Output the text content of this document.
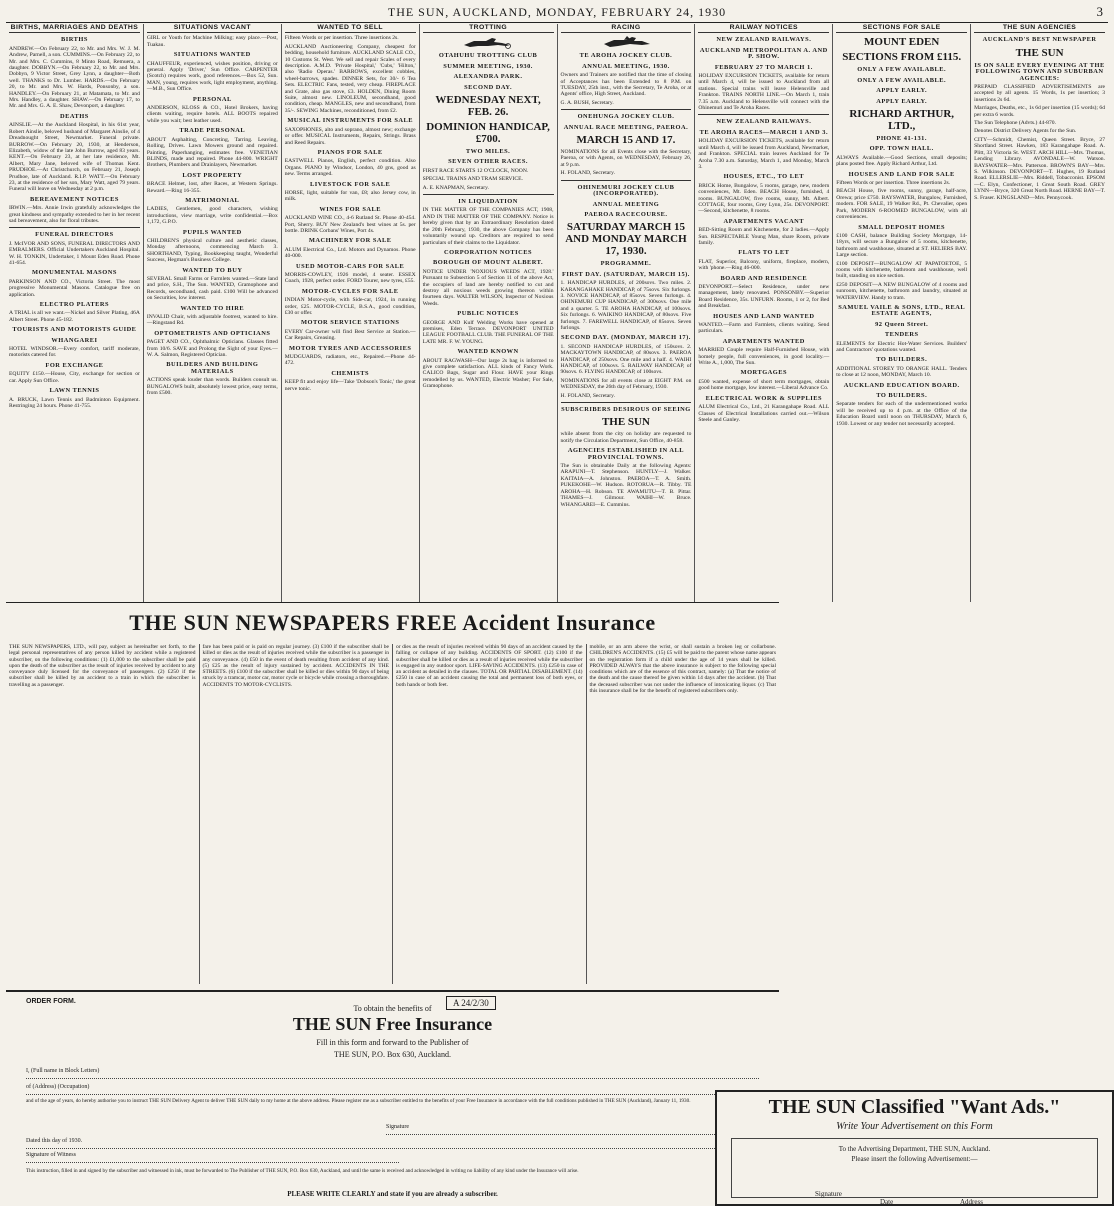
THE SUN, AUCKLAND, MONDAY, FEBRUARY 24, 1930	3
BIRTHS, MARRIAGES AND DEATHS
BIRTHS

ANDREW.—On February 22, to Mr. and Mrs. W. J. M. Andrew, Parnell, a son. CUMMINS.—On February 22, to Mr. and Mrs. C. Cummins, 8 Minto Road, Remuera, a daughter. DOBBYN.—On February 22, to Mr. and Mrs. Dobbyn, 9 Victor Street, Grey Lynn, a daughter—Both well. THANKS to Dr. Lumber. HARDS.—On February 20, to Mr. and Mrs. W. Hards, Ponsonby, a son. HANDLEY.—On February 21, at Matamata, to Mr. and Mrs. Handley, a daughter. SHAW.—On February 17, to Mr. and Mrs. G. A. E. Shaw, Devonport, a daughter.

DEATHS

AINSLIE.—At the Auckland Hospital, in his 61st year, Robert Ainslie, beloved husband of Margaret Ainslie, of 4 Dreadnought Street, Newmarket. Funeral private. BURROW.—On February 20, 1930, at Henderson, Elizabeth, widow of the late John Burrow, aged 83 years. KENT.—On February 23, at her late residence, Mt. Albert, Mary Jane, beloved wife of Thomas Kent. PRUDHOE.—At Christchurch, on February 21, Joseph Prudhoe, late of Auckland. R.I.P. WATT.—On February 23, at the residence of her son, Mary Watt, aged 79 years. Funeral will leave on Wednesday at 2 p.m.

BEREAVEMENT NOTICES

IRWIN.—Mrs. Annie Irwin gratefully acknowledges the great kindness and sympathy extended to her in her recent sad bereavement, also for floral tributes.

FUNERAL DIRECTORS

J. McIVOR AND SONS, FUNERAL DIRECTORS AND EMBALMERS. Official Undertakers Auckland Hospital. W. H. TONKIN, Undertaker, 1 Mount Eden Road. Phone 41-654.

MONUMENTAL MASONS

PARKINSON AND CO., Victoria Street. The most progressive Monumental Masons. Catalogue free on application.

ELECTRO PLATERS

A TRIAL is all we want.—Nickel and Silver Plating, 46A Albert Street. Phone 45-182.

TOURISTS AND MOTORISTS GUIDE
WHANGAREI

HOTEL WINDSOR.—Every comfort, tariff moderate, motorists catered for.

FOR EXCHANGE

EQUITY £150.—House, City, exchange for section or car. Apply Sun Office.

LAWN TENNIS

A. BRUCK, Lawn Tennis and Badminton Equipment. Restringing 24 hours. Phone 41-755.

SITUATIONS VACANT

GIRL or Youth for Machine Milking; easy place.—Post, Tuakau.

SITUATIONS WANTED

CHAUFFEUR, experienced, wishes position, driving or general. Apply 'Driver,' Sun Office. CARPENTER (Scotch) requires work, good references.—Box 52, Sun. MAN, young, requires work, light employment, anything.—M.B., Sun Office.

PERSONAL

ANDERSON, KLOSS & CO., Hotel Brokers, having clients waiting, require hotels. ALL BOOTS repaired while you wait; best leather used.

TRADE PERSONAL

ABOUT Asphalting, Concreting, Tarring. Leaving, Rolling, Drives. Lawn Mowers ground and repaired. Painting, Paperhanging, estimates free. VENETIAN BLINDS, made and repaired. Phone 44-800. WRIGHT Brothers, Plumbers and Drainlayers, Newmarket.

LOST PROPERTY

BRACE Helmet, lost, after Races, at Western Springs. Reward.—Ring 16-355.

MATRIMONIAL

LADIES, Gentlemen, good characters, wishing introductions, view marriage, write confidential.—Box 1,172, G.P.O.

PUPILS WANTED

CHILDREN'S physical culture and aesthetic classes, Monday afternoons, commencing March 3. SHORTHAND, Typing, Bookkeeping taught, Wonderful Success, Hegman's Business College.

WANTED TO BUY

SEVERAL Small Farms or Farmlets wanted.—State land and price, S.H., The Sun. WANTED, Gramophone and Records, secondhand, cash paid. £100 Will be advanced on Securities, low interest.

WANTED TO HIRE

INVALID Chair, with adjustable footrest, wanted to hire.—Ringstand Rd.

OPTOMETRISTS AND OPTICIANS

PAGET AND CO., Ophthalmic Opticians. Glasses fitted from 10/6. SAVE and Prolong the Sight of your Eyes.—W. A. Salmon, Registered Optician.

BUILDERS AND BUILDING MATERIALS

ACTIONS speak louder than words. Builders consult us. BUNGALOWS built, absolutely lowest price, easy terms, from £500.

WANTED TO SELL

Fifteen Words or per insertion. Three insertions 2s.

AUCKLAND Auctioneering Company, cheapest for bedding, household furniture. AUCKLAND SCALE CO., 10 Customs St. West. We sell and repair Scales of every description. A.M.D. 'Private Hospital,' 'Cubs,' 'Hilton,' also 'Radio Operas.' BARROWS, excellent cobbles, wheel-barrows, spades. DINNER Sets, for 30/- 6 Tea Sets. ELECTRIC Fans, tested, very cheap. FIREPLACE and Grate, also gas stove, £3. HOLDEN, Dining Room Suite, almost new. LINOLEUM, secondhand, good condition, cheap. MANGLES, new and secondhand, from 35/-. SEWING Machines, reconditioned, from £2.

MUSICAL INSTRUMENTS FOR SALE

SAXOPHONES, alto and soprano, almost new; exchange or offer. MUSICAL Instruments, Repairs, Strings. Brass and Reed Repairs.

PIANOS FOR SALE

EASTWELL Pianos, English, perfect condition. Also Organs. PIANO by Windsor, London, 40 gns, good as new. Terms arranged.

LIVESTOCK FOR SALE

HORSE, light, suitable for van, £8; also Jersey cow, in milk.

WINES FOR SALE

AUCKLAND WINE CO., 4-6 Rutland St. Phone 40-454. Port, Sherry. BUY New Zealand's best wines at 5s. per bottle. DRINK Corbans' Wines, Port 4s.

MACHINERY FOR SALE

ALUM Electrical Co., Ltd. Motors and Dynamos. Phone 40-000.

USED MOTOR-CARS FOR SALE

MORRIS-COWLEY, 1926 model, 4 seater. ESSEX Coach, 1928, perfect order. FORD Tourer, new tyres, £55.

MOTOR-CYCLES FOR SALE

INDIAN Motor-cycle, with Side-car, 1924, in running order, £25. MOTOR-CYCLE, B.S.A., good condition, £30 or offer.

MOTOR SERVICE STATIONS

EVERY Car-owner will find Best Service at Station.—Car Repairs, Greasing.

MOTOR TYRES AND ACCESSORIES

MUDGUARDS, radiators, etc., Repaired.—Phone 44-472.

CHEMISTS

KEEP fit and enjoy life—Take 'Dobson's Tonic,' the great nerve tonic.

TROTTING
OTAHUHU TROTTING CLUB
SUMMER MEETING, 1930.
ALEXANDRA PARK.
SECOND DAY.
WEDNESDAY NEXT, FEB. 26.
DOMINION HANDICAP, £700.
TWO MILES.
SEVEN OTHER RACES.

FIRST RACE STARTS 12 O'CLOCK, NOON.

SPECIAL TRAINS AND TRAM SERVICE.

A. E. KNAPMAN, Secretary.

IN LIQUIDATION

IN THE MATTER OF THE COMPANIES ACT, 1908, AND IN THE MATTER OF THE COMPANY. Notice is hereby given that by an Extraordinary Resolution dated the 20th February, 1930, the above Company has been voluntarily wound up. Creditors are required to send particulars of their claims to the Liquidator.

CORPORATION NOTICES
BOROUGH OF MOUNT ALBERT.

NOTICE UNDER 'NOXIOUS WEEDS ACT, 1928.' Pursuant to Subsection 5 of Section 11 of the above Act, the occupiers of land are hereby notified to cut and destroy all noxious weeds growing thereon within fourteen days. WALTER WILSON, Inspector of Noxious Weeds.

PUBLIC NOTICES

GEORGE AND Kulf Welding Works have opened at premises, Eden Terrace. DEVONPORT UNITED LEAGUE FOOTBALL CLUB. THE FUNERAL OF THE LATE MR. F. W. YOUNG.

WANTED KNOWN

ABOUT RAGWASH—Our large 2s bag is informed to give complete satisfaction. ALL kinds of Fancy Work. CALICO Bags, Sugar and Flour. HAVE your Rings remodelled by us. WANTED, Electric Washer; For Sale, Gramophone.

RACING
TE AROHA JOCKEY CLUB.
ANNUAL MEETING, 1930.

Owners and Trainers are notified that the time of closing of Acceptances has been Extended to 8 P.M. on TUESDAY, 25th inst., with the Secretary, Te Aroha, or at Agents' office, High Street, Auckland.

G. A. BUSH, Secretary.

ONEHUNGA JOCKEY CLUB.
ANNUAL RACE MEETING, PAEROA.
MARCH 15 AND 17.

NOMINATIONS for all Events close with the Secretary, Paeroa, or with Agents, on WEDNESDAY, February 26, at 9 p.m.

H. FOLAND, Secretary.

OHINEMURI JOCKEY CLUB (INCORPORATED).
ANNUAL MEETING
PAEROA RACECOURSE.
SATURDAY MARCH 15 AND MONDAY MARCH 17, 1930.
PROGRAMME.
FIRST DAY. (SATURDAY, MARCH 15).

1. HANDICAP HURDLES, of 200sovs. Two miles. 2. KARANGAHAKE HANDICAP, of 75sovs. Six furlongs. 3. NOVICE HANDICAP, of 85sovs. Seven furlongs. 4. OHINEMURI CUP HANDICAP, of 300sovs. One mile and a quarter. 5. TE AROHA HANDICAP, of 100sovs. Six furlongs. 6. WAIKINO HANDICAP, of 80sovs. Five furlongs. 7. FAREWELL HANDICAP, of 85sovs. Seven furlongs.

SECOND DAY. (MONDAY, MARCH 17).

1. SECOND HANDICAP HURDLES, of 150sovs. 2. MACKAYTOWN HANDICAP, of 80sovs. 3. PAEROA HANDICAP, of 250sovs. One mile and a half. 4. WAIHI HANDICAP, of 100sovs. 5. RAILWAY HANDICAP, of 90sovs. 6. FLYING HANDICAP, of 100sovs.

NOMINATIONS for all events close at EIGHT P.M. on WEDNESDAY, the 26th day of February, 1930.

H. FOLAND, Secretary.

SUBSCRIBERS DESIROUS OF SEEING
THE SUN

while absent from the city on holiday are requested to notify the Circulation Department, Sun Office, 40-858.

AGENCIES ESTABLISHED IN ALL PROVINCIAL TOWNS.

The Sun is obtainable Daily at the following Agents: ARAPUNI—T. Stephenson. HUNTLY—J. Walker. KAITAIA—A. Johnston. PAEROA—T. A. Smith. PUKEKOHE—W. Hudson. ROTORUA—R. Tibby. TE AROHA—H. Robson. TE AWAMUTU—T. B. Pittar. THAMES—J. Gilmour. WAIHI—W. Bruce. WHANGAREI—E. Cummins.

RAILWAY NOTICES
NEW ZEALAND RAILWAYS.
AUCKLAND METROPOLITAN A. AND P. SHOW.
FEBRUARY 27 TO MARCH 1.

HOLIDAY EXCURSION TICKETS, available for return until March 4, will be issued to Auckland from all stations. Special trains will leave Helensville and Frankton. TRAINS NORTH LINE.—On March 1, train 7.35 a.m. Auckland to Helensville will connect with the Ohinemuri and Te Aroha Races.

NEW ZEALAND RAILWAYS.
TE AROHA RACES—MARCH 1 AND 3.

HOLIDAY EXCURSION TICKETS, available for return until March 4, will be issued from Auckland, Newmarket, and Frankton. SPECIAL train leaves Auckland for Te Aroha 7.30 a.m. Saturday, March 1, and Monday, March 3.

HOUSES, ETC., TO LET

BRICK Home, Bungalow, 5 rooms, garage, new, modern conveniences, Mt. Eden. BEACH House, furnished, 4 rooms. BUNGALOW, five rooms, sunny, Mt. Albert. COTTAGE, four rooms, Grey Lynn, 25s. DEVONPORT.—Second, kitchenette, 8 rooms.

APARTMENTS VACANT

BED-Sitting Room and Kitchenette, for 2 ladies.—Apply Sun. RESPECTABLE Young Man, share Room, private family.

FLATS TO LET

FLAT, Superior, Balcony, uniform, fireplace, modern, with 'phone.—Ring 46-000.

BOARD AND RESIDENCE

DEVONPORT.—Select Residence, under new management, lately renovated. PONSONBY.—Superior Board Residence, 35s. UNFURN. Rooms, 1 or 2, for Bed and Breakfast.

HOUSES AND LAND WANTED

WANTED.—Farm and Farmlets, clients waiting. Send particulars.

APARTMENTS WANTED

MARRIED Couple require Half-Furnished House, with homely people, full conveniences, in good locality.—Write A., 1,000, The Sun.

MORTGAGES

£500 wanted, expense of short term mortgages, obtain good home mortgage, low interest.—Liberal Advance Co.

ELECTRICAL WORK & SUPPLIES

ALUM Electrical Co., Ltd., 21 Karangahape Road. ALL Classes of Electrical Installations carried out.—Wilson Steele and Ganley.

SECTIONS FOR SALE
MOUNT EDEN
SECTIONS FROM £115.
ONLY A FEW AVAILABLE.
ONLY A FEW AVAILABLE.
APPLY EARLY.
APPLY EARLY.
RICHARD ARTHUR, LTD.,
PHONE 41-131.
OPP. TOWN HALL.

ALWAYS Available.—Good Sections, small deposits; plans posted free. Apply Richard Arthur, Ltd.

HOUSES AND LAND FOR SALE

Fifteen Words or per insertion. Three insertions 2s.

BEACH House, five rooms, sunny, garage, half-acre, Orewa; price £750. BAYSWATER, Bungalow, Furnished, modern. FOR SALE, 19 Walker Rd., Pt. Chevalier, open Park, MODERN 6-ROOMED BUNGALOW, with all conveniences.

SMALL DEPOSIT HOMES

£100 CASH, balance Building Society Mortgage, 14-18yrs, will secure a Bungalow of 5 rooms, kitchenette, bathroom and washhouse, situated at ST. HELIERS BAY. Large section.

£100 DEPOSIT—BUNGALOW AT PAPATOETOE, 5 rooms with kitchenette, bathroom and washhouse, well built, standing on nice section.

£250 DEPOSIT—A NEW BUNGALOW of 4 rooms and sunroom, kitchenette, bathroom and laundry, situated at WATERVIEW. Handy to tram.

SAMUEL VAILE & SONS, LTD., REAL ESTATE AGENTS,
92 Queen Street.
TENDERS

ELEMENTS for Electric Hot-Water Services. Builders' and Contractors' quotations wanted.

TO BUILDERS.

ADDITIONAL STOREY TO ORANGE HALL. Tenders to close at 12 noon, MONDAY, March 10.

AUCKLAND EDUCATION BOARD.
TO BUILDERS.

Separate tenders for each of the undermentioned works will be received up to 4 p.m. at the Office of the Education Board until noon on THURSDAY, March 6, 1930. Lowest or any tender not necessarily accepted.

THE SUN AGENCIES
AUCKLAND'S BEST NEWSPAPER
THE SUN
IS ON SALE EVERY EVENING AT THE FOLLOWING TOWN AND SUBURBAN AGENCIES:

PREPAID CLASSIFIED ADVERTISEMENTS are accepted by all agents. 15 Words, 1s per insertion; 3 insertions 2s 6d.

Marriages, Deaths, etc., 1s 6d per insertion (15 words); 6d per extra 6 words.

The Sun Telephone (Advts.) 44-870.

Denotes District Delivery Agents for the Sun.

CITY—Schmidt, Chemist, Queen Street. Bryce, 27 Shortland Street. Hawken, 183 Karangahape Road. A. Plitt, 33 Victoria St. WEST. ARCH HILL—Mrs. Thomas, Lending Library. AVONDALE—W. Watson. BAYSWATER—Mrs. Patterson. BROWN'S BAY—Mrs. S. Wilkinson. DEVONPORT—T. Hughes, 19 Rutland Road. ELLERSLIE—Mrs. Riddell, Tobacconist. EPSOM—C. Elyn, Confectioner, 1 Great South Road. GREY LYNN—Bryce, 320 Great North Road. HERNE BAY—T. S. Fraser. KINGSLAND—Mrs. Pennycook.

THE SUN NEWSPAPERS FREE Accident Insurance

THE SUN NEWSPAPERS, LTD., will pay, subject as hereinafter set forth, to the legal personal representatives of any person killed by accident while a registered subscriber, on the following conditions: (1) £1,000 to the subscriber shall be paid upon the death of the subscriber as the result of injuries received by accident to any conveyance duly licensed for the conveyance of passengers. (2) £250 if the subscriber shall be killed by an accident to a train in which the subscriber is travelling as a passenger.

fare has been paid or is paid on regular journey. (3) £100 if the subscriber shall be killed or dies as the result of injuries received while the subscriber is a passenger in any conveyance. (4) £50 in the event of death resulting from accident of any kind. (5) £25 as the result of injury sustained by accident. ACCIDENTS IN THE STREETS. (6) £100 if the subscriber shall be killed or dies within 90 days of being struck by a tramcar, motor car, motor cycle or bicycle while crossing a thoroughfare. ACCIDENTS TO MOTOR-CYCLISTS.

or dies as the result of injuries received within 90 days of an accident caused by the falling or collapse of any building. ACCIDENTS OF SPORT. (12) £100 if the subscriber shall be killed or dies as a result of injuries received while the subscriber is engaged in any outdoor sport. LIFE-SAVING ACCIDENTS. (13) £250 in case of an accident as detailed in the clauses. TOTAL OR PARTIAL DISABLEMENT. (14) £250 in case of an accident causing the total and permanent loss of both eyes, or both hands or both feet.

mobile, or an arm above the wrist, or shall sustain a broken leg or collarbone. CHILDREN'S ACCIDENTS. (15) £5 will be paid to the parent whose name appears on the registration form if a child under the age of 14 years shall be killed. PROVIDED ALWAYS that the above insurance is subject to the following special conditions which are of the essence of this contract, namely: (a) That the notice of the death and the cause thereof be given within 14 days after the accident. (b) That the deceased subscriber was not under the influence of intoxicating liquor. (c) That this insurance shall be for the benefit of registered subscribers only.

ORDER FORM.	A 24/2/30
To obtain the benefits of
THE SUN Free Insurance
Fill in this form and forward to the Publisher of
THE SUN, P.O. Box 630, Auckland.
I, (Full name in Block Letters)
of (Address) (Occupation)
and of the age of years, do hereby authorise you to instruct THE SUN Delivery Agent to deliver THE SUN daily to my home at the above address. Please register me as a subscriber entitled to the benefits of your Free Insurance in accordance with the full conditions published in THE SUN (Auckland), January 11, 1930.
Signature
Dated this day of 1930.
Signature of Witness
This instruction, filled in and signed by the subscriber and witnessed in ink, must be forwarded to The Publisher of THE SUN, P.O. Box 630, Auckland, and until the same is received and acknowledged in writing no liability of any kind under the Insurance will arise.
PLEASE WRITE CLEARLY and state if you are already a subscriber.
THE SUN Classified "Want Ads."
Write Your Advertisement on this Form
To the Advertising Department, THE SUN, Auckland.
Please insert the following Advertisement:—
Signature
Date	Address
